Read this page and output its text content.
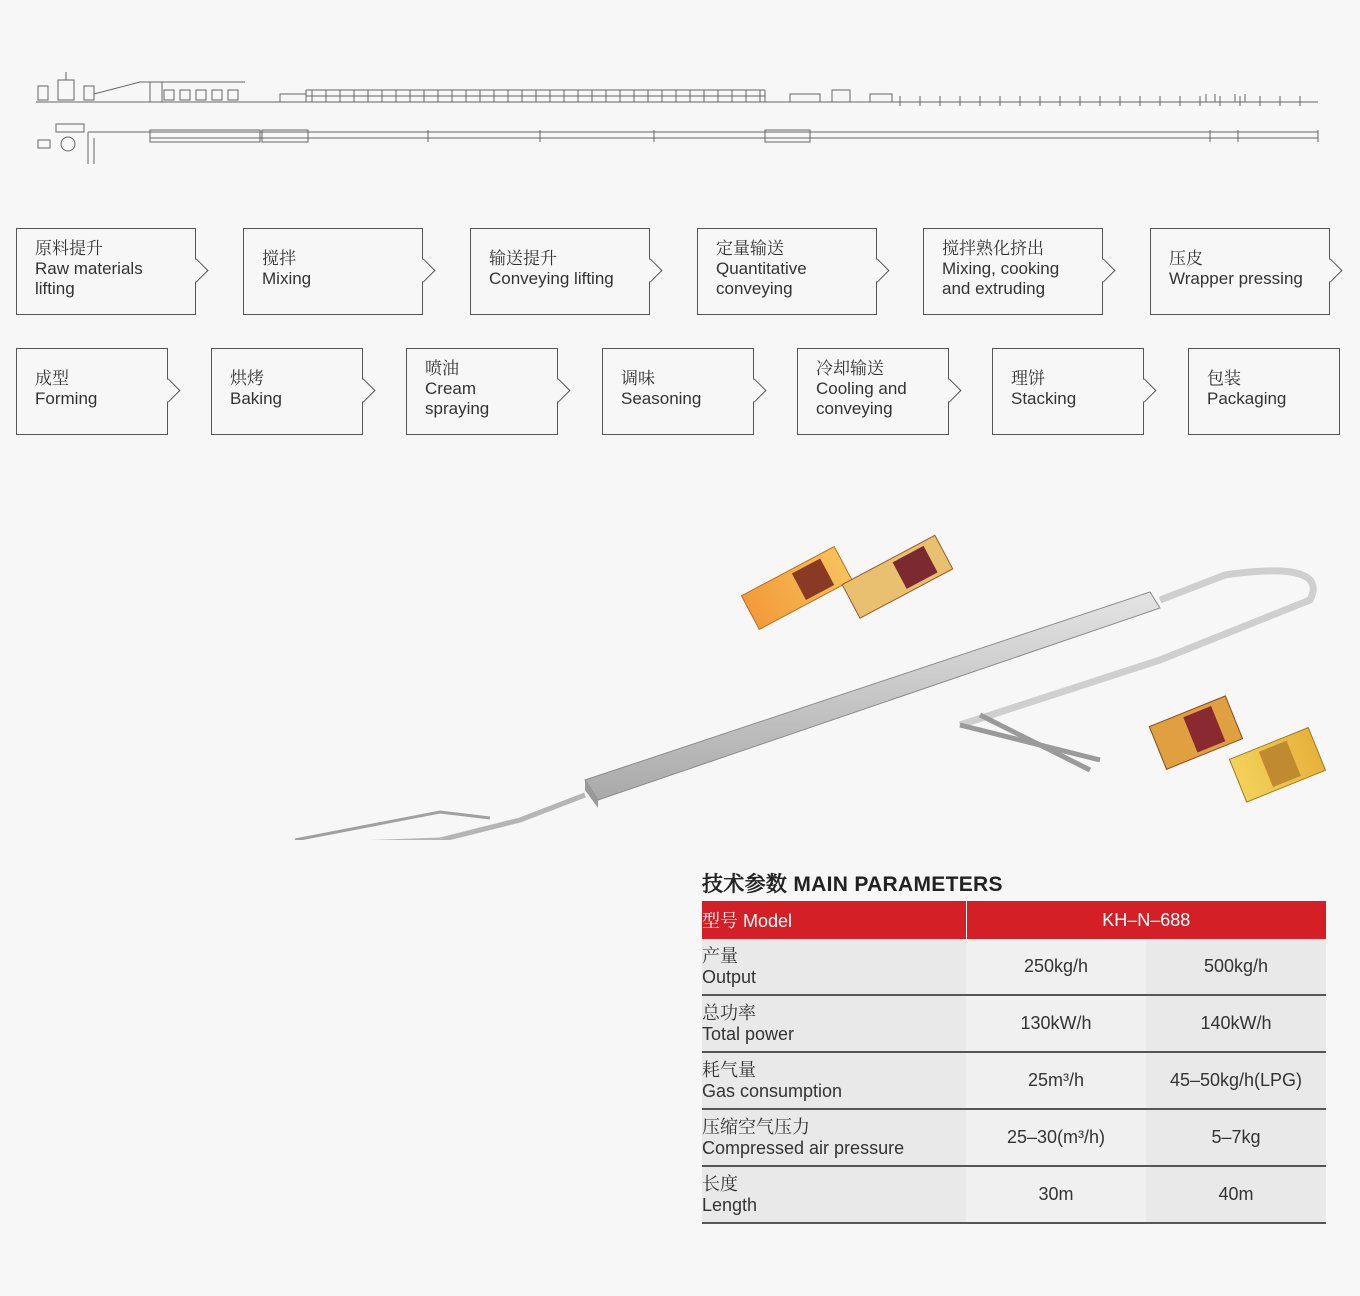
原料提升
Raw materials lifting
搅拌
Mixing
输送提升
Conveying lifting
定量输送
Quantitative conveying
搅拌熟化挤出
Mixing, cooking and extruding
压皮
Wrapper pressing
成型
Forming
烘烤
Baking
喷油
Cream spraying
调味
Seasoning
冷却输送
Cooling and conveying
理饼
Stacking
包装
Packaging
技术参数 MAIN PARAMETERS
型号 Model	KH–N–688	

产量
Output	250kg/h	500kg/h

总功率
Total power	130kW/h	140kW/h

耗气量
Gas consumption	25m³/h	45–50kg/h(LPG)

压缩空气压力
Compressed air pressure	25–30(m³/h)	5–7kg

长度
Length	30m	40m
